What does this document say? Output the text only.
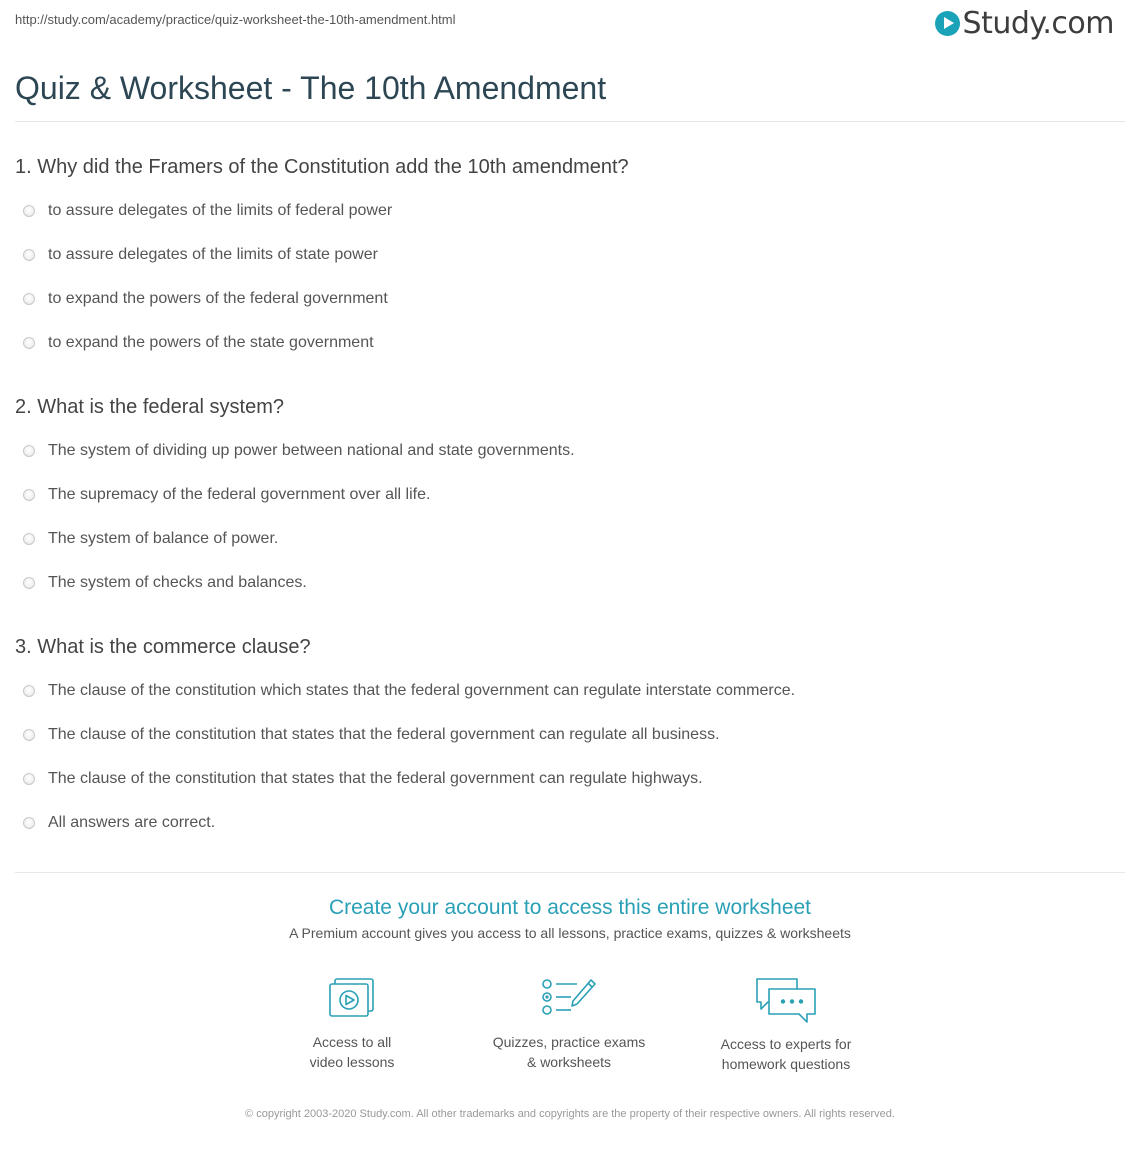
http://study.com/academy/practice/quiz-worksheet-the-10th-amendment.html	Study.com
Quiz & Worksheet - The 10th Amendment
1. Why did the Framers of the Constitution add the 10th amendment?
to assure delegates of the limits of federal power
to assure delegates of the limits of state power
to expand the powers of the federal government
to expand the powers of the state government
2. What is the federal system?
The system of dividing up power between national and state governments.
The supremacy of the federal government over all life.
The system of balance of power.
The system of checks and balances.
3. What is the commerce clause?
The clause of the constitution which states that the federal government can regulate interstate commerce.
The clause of the constitution that states that the federal government can regulate all business.
The clause of the constitution that states that the federal government can regulate highways.
All answers are correct.
Create your account to access this entire worksheet
A Premium account gives you access to all lessons, practice exams, quizzes & worksheets
Access to all
video lessons
Quizzes, practice exams
& worksheets
Access to experts for
homework questions
© copyright 2003-2020 Study.com. All other trademarks and copyrights are the property of their respective owners. All rights reserved.
